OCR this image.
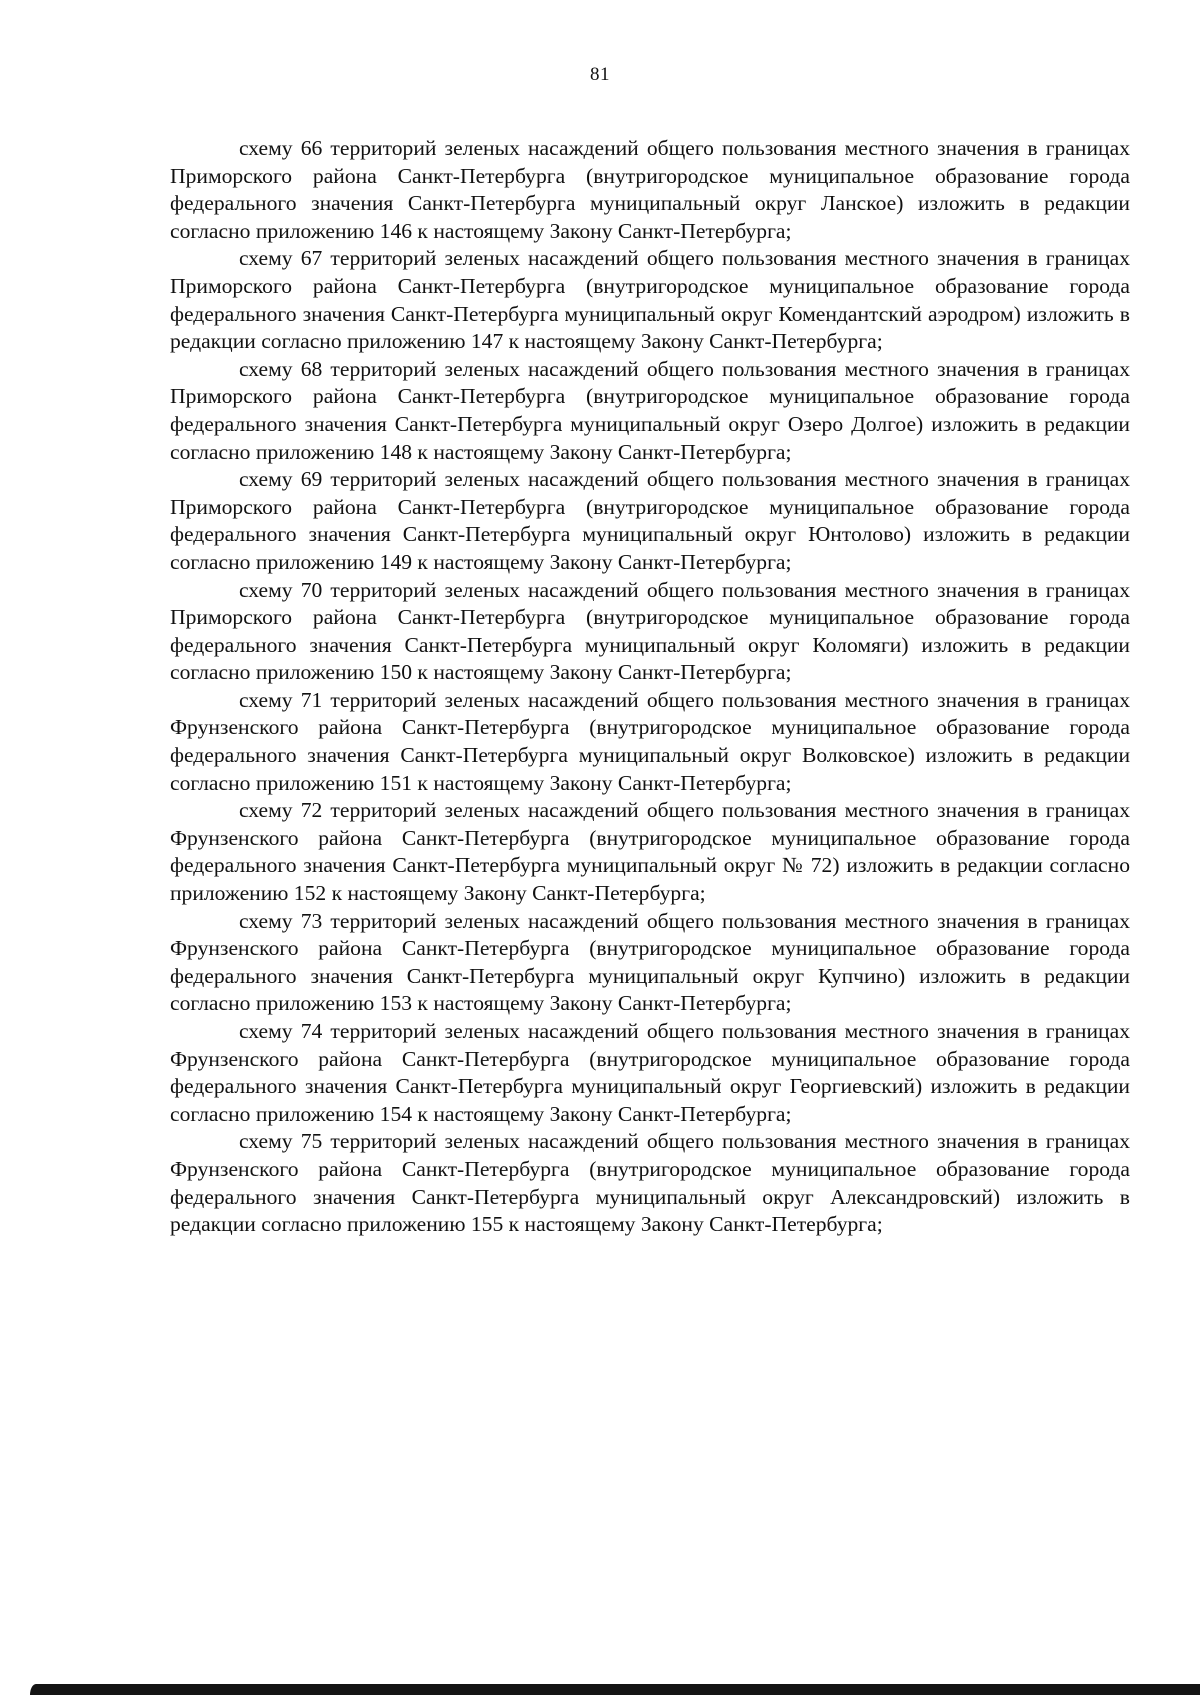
81

схему 66 территорий зеленых насаждений общего пользования местного значения в границах Приморского района Санкт-Петербурга (внутригородское муниципальное образование города федерального значения Санкт-Петербурга муниципальный округ Ланское) изложить в редакции согласно приложению 146 к настоящему Закону Санкт-Петербурга;

схему 67 территорий зеленых насаждений общего пользования местного значения в границах Приморского района Санкт-Петербурга (внутригородское муниципальное образование города федерального значения Санкт-Петербурга муниципальный округ Комендантский аэродром) изложить в редакции согласно приложению 147 к настоящему Закону Санкт-Петербурга;

схему 68 территорий зеленых насаждений общего пользования местного значения в границах Приморского района Санкт-Петербурга (внутригородское муниципальное образование города федерального значения Санкт-Петербурга муниципальный округ Озеро Долгое) изложить в редакции согласно приложению 148 к настоящему Закону Санкт-Петербурга;

схему 69 территорий зеленых насаждений общего пользования местного значения в границах Приморского района Санкт-Петербурга (внутригородское муниципальное образование города федерального значения Санкт-Петербурга муниципальный округ Юнтолово) изложить в редакции согласно приложению 149 к настоящему Закону Санкт-Петербурга;

схему 70 территорий зеленых насаждений общего пользования местного значения в границах Приморского района Санкт-Петербурга (внутригородское муниципальное образование города федерального значения Санкт-Петербурга муниципальный округ Коломяги) изложить в редакции согласно приложению 150 к настоящему Закону Санкт-Петербурга;

схему 71 территорий зеленых насаждений общего пользования местного значения в границах Фрунзенского района Санкт-Петербурга (внутригородское муниципальное образование города федерального значения Санкт-Петербурга муниципальный округ Волковское) изложить в редакции согласно приложению 151 к настоящему Закону Санкт-Петербурга;

схему 72 территорий зеленых насаждений общего пользования местного значения в границах Фрунзенского района Санкт-Петербурга (внутригородское муниципальное образование города федерального значения Санкт-Петербурга муниципальный округ № 72) изложить в редакции согласно приложению 152 к настоящему Закону Санкт-Петербурга;

схему 73 территорий зеленых насаждений общего пользования местного значения в границах Фрунзенского района Санкт-Петербурга (внутригородское муниципальное образование города федерального значения Санкт-Петербурга муниципальный округ Купчино) изложить в редакции согласно приложению 153 к настоящему Закону Санкт-Петербурга;

схему 74 территорий зеленых насаждений общего пользования местного значения в границах Фрунзенского района Санкт-Петербурга (внутригородское муниципальное образование города федерального значения Санкт-Петербурга муниципальный округ Георгиевский) изложить в редакции согласно приложению 154 к настоящему Закону Санкт-Петербурга;

схему 75 территорий зеленых насаждений общего пользования местного значения в границах Фрунзенского района Санкт-Петербурга (внутригородское муниципальное образование города федерального значения Санкт-Петербурга муниципальный округ Александровский) изложить в редакции согласно приложению 155 к настоящему Закону Санкт-Петербурга;
